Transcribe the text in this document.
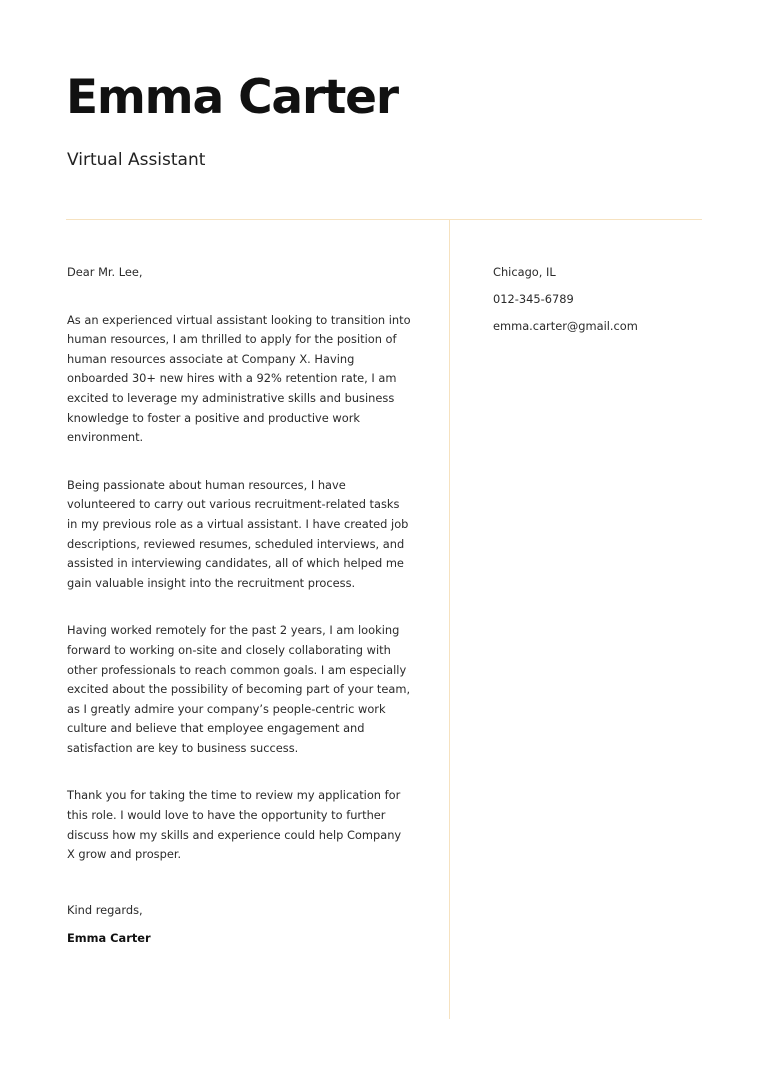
Emma Carter
Virtual Assistant

Dear Mr. Lee,

As an experienced virtual assistant looking to transition into human resources, I am thrilled to apply for the position of human resources associate at Company X. Having onboarded 30+ new hires with a 92% retention rate, I am excited to leverage my administrative skills and business knowledge to foster a positive and productive work environment.

Being passionate about human resources, I have volunteered to carry out various recruitment-related tasks in my previous role as a virtual assistant. I have created job descriptions, reviewed resumes, scheduled interviews, and assisted in interviewing candidates, all of which helped me gain valuable insight into the recruitment process.

Having worked remotely for the past 2 years, I am looking forward to working on-site and closely collaborating with other professionals to reach common goals. I am especially excited about the possibility of becoming part of your team, as I greatly admire your company’s people-centric work culture and believe that employee engagement and satisfaction are key to business success.

Thank you for taking the time to review my application for this role. I would love to have the opportunity to further discuss how my skills and experience could help Company X grow and prosper.

Kind regards,

Emma Carter

Chicago, IL
012-345-6789
emma.carter@gmail.com
